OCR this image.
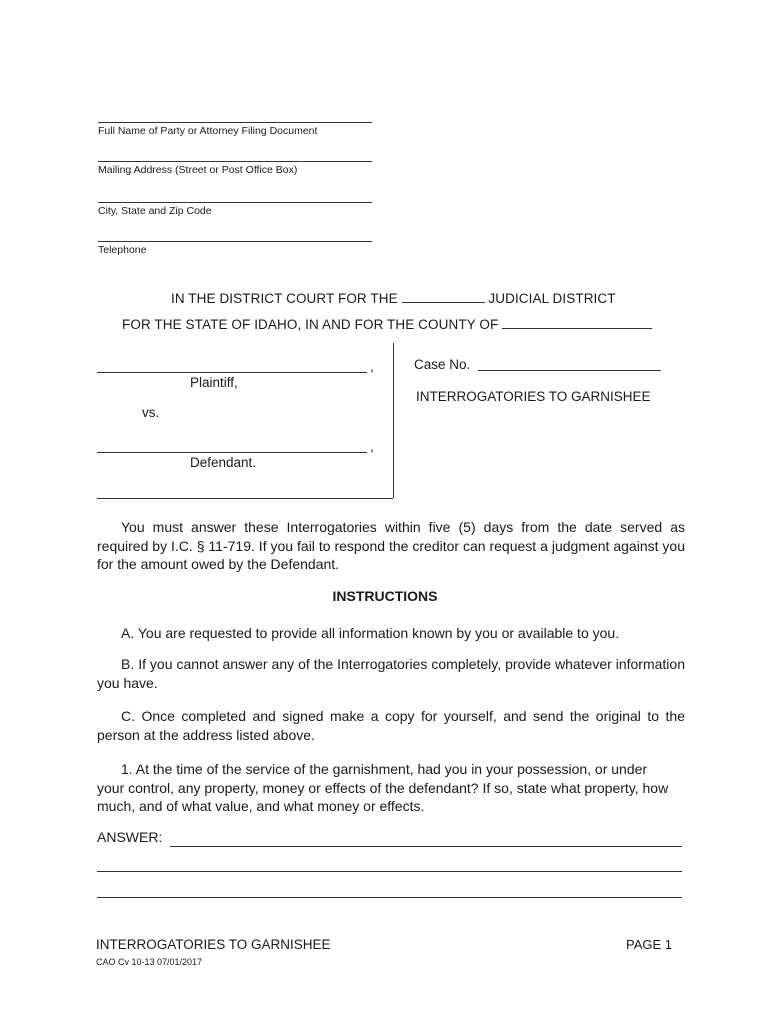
Full Name of Party or Attorney Filing Document
Mailing Address (Street or Post Office Box)
City, State and Zip Code
Telephone
IN THE DISTRICT COURT FOR THE	JUDICIAL DISTRICT
FOR THE STATE OF IDAHO, IN AND FOR THE COUNTY OF
,
Plaintiff,
vs.
,
Defendant.
Case No.
INTERROGATORIES TO GARNISHEE
You must answer these Interrogatories within five (5) days from the date served as required by I.C. § 11-719. If you fail to respond the creditor can request a judgment against you for the amount owed by the Defendant.
INSTRUCTIONS
A. You are requested to provide all information known by you or available to you.
B. If you cannot answer any of the Interrogatories completely, provide whatever information you have.
C. Once completed and signed make a copy for yourself, and send the original to the person at the address listed above.
1. At the time of the service of the garnishment, had you in your possession, or under your control, any property, money or effects of the defendant? If so, state what property, how much, and of what value, and what money or effects.
ANSWER:
INTERROGATORIES TO GARNISHEE
CAO Cv 10-13 07/01/2017
PAGE 1
